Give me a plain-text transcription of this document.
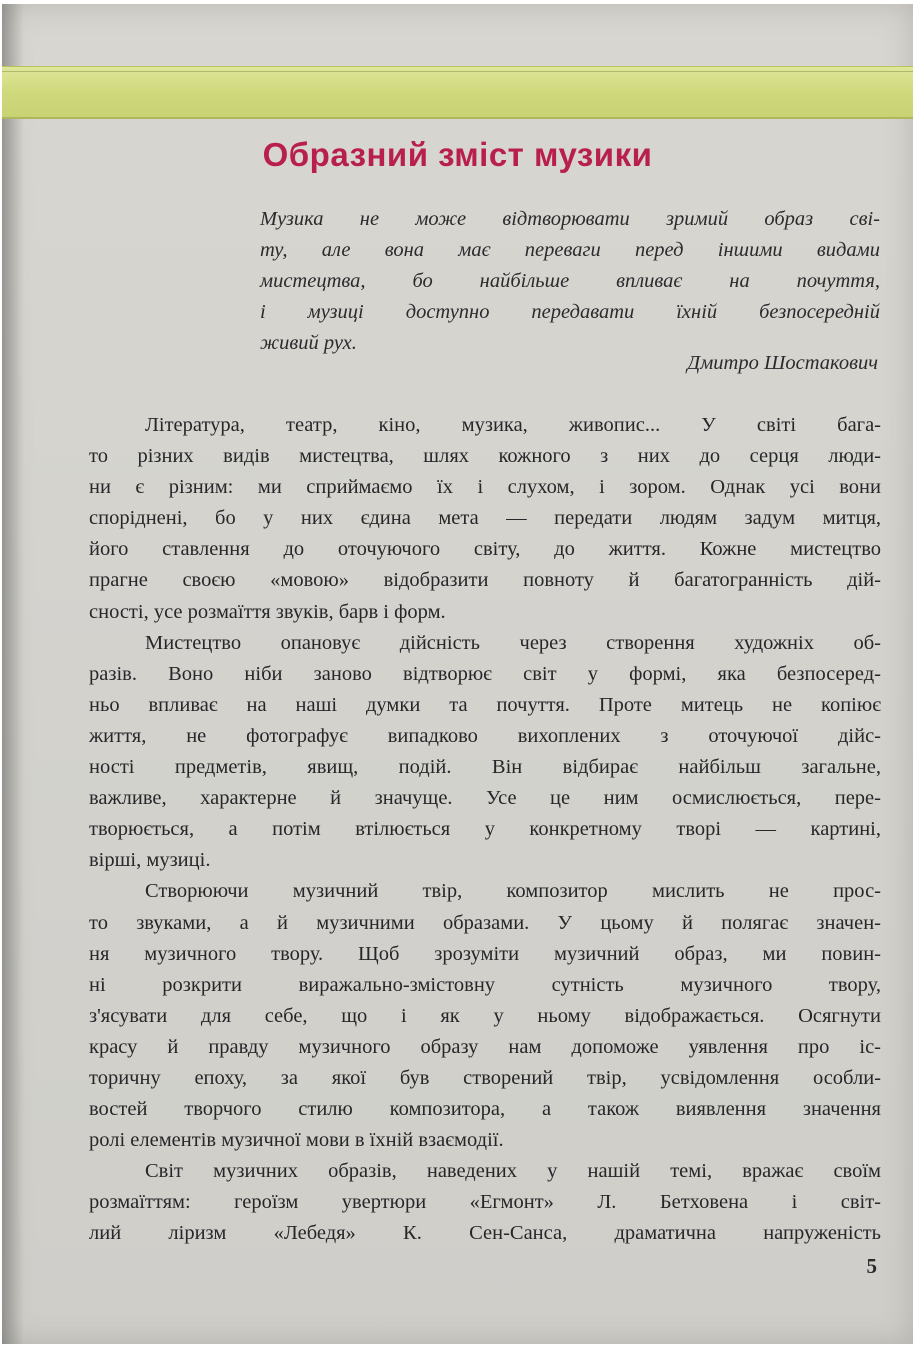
Образний зміст музики
Музика не може відтворювати зримий образ сві-
ту, але вона має переваги перед іншими видами
мистецтва, бо найбільше впливає на почуття,
і музиці доступно передавати їхній безпосередній
живий рух.
Дмитро Шостакович
Література, театр, кіно, музика, живопис... У світі бага-
то різних видів мистецтва, шлях кожного з них до серця люди-
ни є різним: ми сприймаємо їх і слухом, і зором. Однак усі вони
споріднені, бо у них єдина мета — передати людям задум митця,
його ставлення до оточуючого світу, до життя. Кожне мистецтво
прагне своєю «мовою» відобразити повноту й багатогранність дій-
сності, усе розмаїття звуків, барв і форм.
Мистецтво опановує дійсність через створення художніх об-
разів. Воно ніби заново відтворює світ у формі, яка безпосеред-
ньо впливає на наші думки та почуття. Проте митець не копіює
життя, не фотографує випадково вихоплених з оточуючої дійс-
ності предметів, явищ, подій. Він відбирає найбільш загальне,
важливе, характерне й значуще. Усе це ним осмислюється, пере-
творюється, а потім втілюється у конкретному творі — картині,
вірші, музиці.
Створюючи музичний твір, композитор мислить не прос-
то звуками, а й музичними образами. У цьому й полягає значен-
ня музичного твору. Щоб зрозуміти музичний образ, ми повин-
ні розкрити виражально-змістовну сутність музичного твору,
з'ясувати для себе, що і як у ньому відображається. Осягнути
красу й правду музичного образу нам допоможе уявлення про іс-
торичну епоху, за якої був створений твір, усвідомлення особли-
востей творчого стилю композитора, а також виявлення значення
ролі елементів музичної мови в їхній взаємодії.
Світ музичних образів, наведених у нашій темі, вражає своїм
розмаїттям: героїзм увертюри «Егмонт» Л. Бетховена і світ-
лий ліризм «Лебедя» К. Сен-Санса, драматична напруженість
5
